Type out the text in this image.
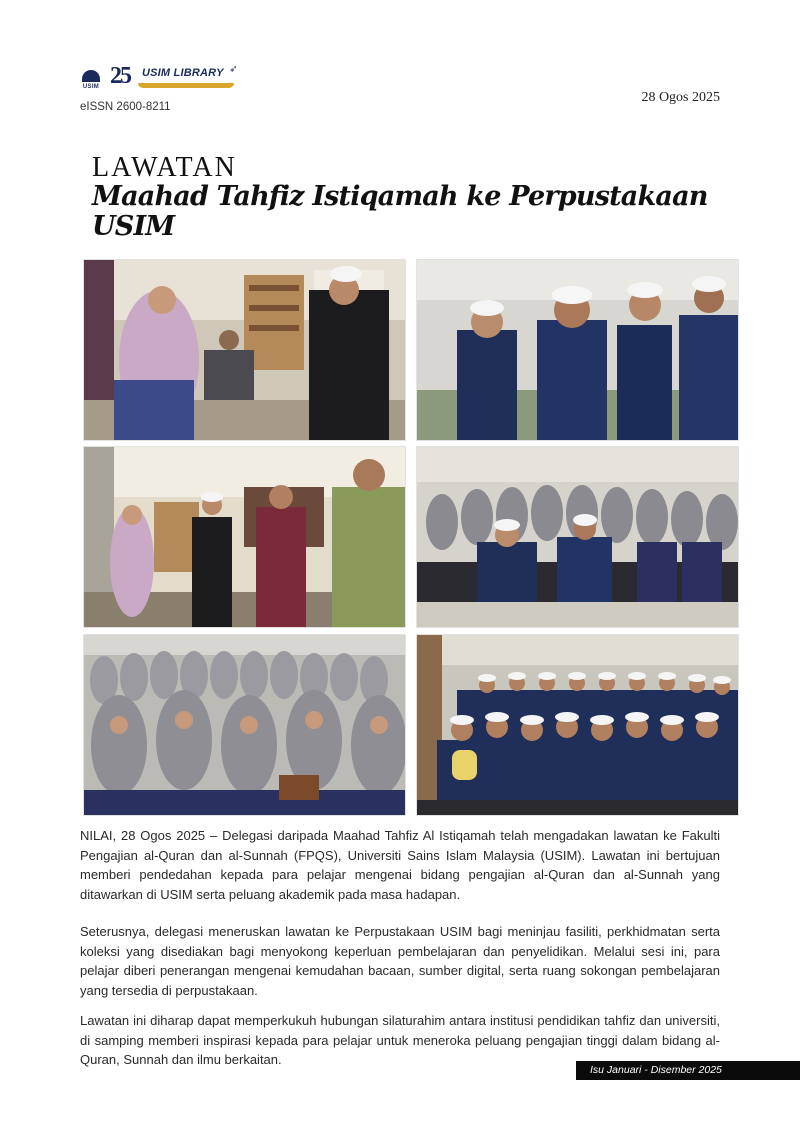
USIM 25 USIM LIBRARY ➶
eISSN 2600-8211
28 Ogos 2025
LAWATAN
Maahad Tahfiz Istiqamah ke Perpustakaan USIM

NILAI, 28 Ogos 2025 – Delegasi daripada Maahad Tahfiz Al Istiqamah telah mengadakan lawatan ke Fakulti Pengajian al-Quran dan al-Sunnah (FPQS), Universiti Sains Islam Malaysia (USIM). Lawatan ini bertujuan memberi pendedahan kepada para pelajar mengenai bidang pengajian al-Quran dan al-Sunnah yang ditawarkan di USIM serta peluang akademik pada masa hadapan.

Seterusnya, delegasi meneruskan lawatan ke Perpustakaan USIM bagi meninjau fasiliti, perkhidmatan serta koleksi yang disediakan bagi menyokong keperluan pembelajaran dan penyelidikan. Melalui sesi ini, para pelajar diberi penerangan mengenai kemudahan bacaan, sumber digital, serta ruang sokongan pembelajaran yang tersedia di perpustakaan.

Lawatan ini diharap dapat memperkukuh hubungan silaturahim antara institusi pendidikan tahfiz dan universiti, di samping memberi inspirasi kepada para pelajar untuk meneroka peluang pengajian tinggi dalam bidang al-Quran, Sunnah dan ilmu berkaitan.

Isu Januari - Disember 2025
